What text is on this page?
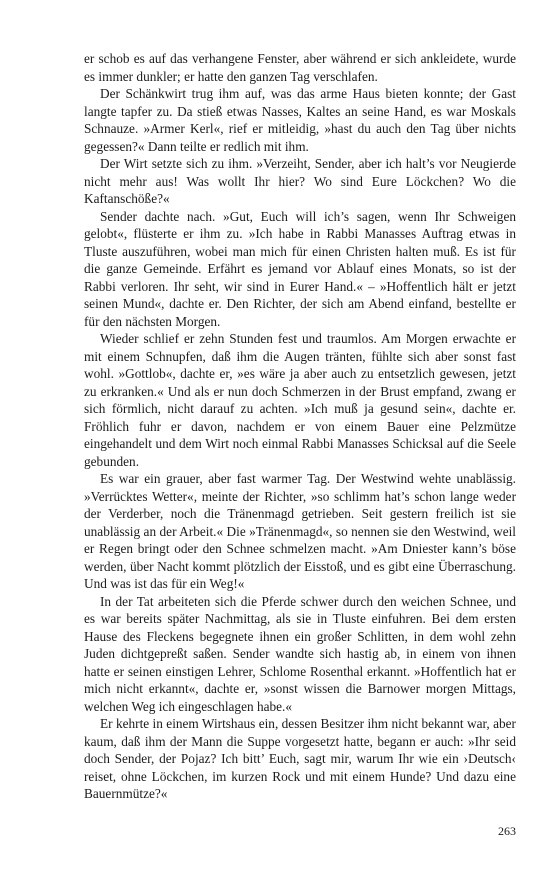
er schob es auf das verhangene Fenster, aber während er sich ankleidete, wurde es immer dunkler; er hatte den ganzen Tag verschlafen.

Der Schänkwirt trug ihm auf, was das arme Haus bieten konnte; der Gast langte tapfer zu. Da stieß etwas Nasses, Kaltes an seine Hand, es war Moskals Schnauze. »Armer Kerl«, rief er mitleidig, »hast du auch den Tag über nichts gegessen?« Dann teilte er redlich mit ihm.

Der Wirt setzte sich zu ihm. »Verzeiht, Sender, aber ich halt’s vor Neugierde nicht mehr aus! Was wollt Ihr hier? Wo sind Eure Löckchen? Wo die Kaftanschöße?«

Sender dachte nach. »Gut, Euch will ich’s sagen, wenn Ihr Schweigen gelobt«, flüsterte er ihm zu. »Ich habe in Rabbi Manasses Auftrag etwas in Tluste auszuführen, wobei man mich für einen Christen halten muß. Es ist für die ganze Gemeinde. Erfährt es jemand vor Ablauf eines Monats, so ist der Rabbi verloren. Ihr seht, wir sind in Eurer Hand.« – »Hoffentlich hält er jetzt seinen Mund«, dachte er. Den Richter, der sich am Abend einfand, bestellte er für den nächsten Morgen.

Wieder schlief er zehn Stunden fest und traumlos. Am Morgen erwachte er mit einem Schnupfen, daß ihm die Augen tränten, fühlte sich aber sonst fast wohl. »Gottlob«, dachte er, »es wäre ja aber auch zu entsetzlich gewesen, jetzt zu erkranken.« Und als er nun doch Schmerzen in der Brust empfand, zwang er sich förmlich, nicht darauf zu achten. »Ich muß ja gesund sein«, dachte er. Fröhlich fuhr er davon, nachdem er von einem Bauer eine Pelzmütze eingehandelt und dem Wirt noch einmal Rabbi Manasses Schicksal auf die Seele gebunden.

Es war ein grauer, aber fast warmer Tag. Der Westwind wehte unablässig. »Verrücktes Wetter«, meinte der Richter, »so schlimm hat’s schon lange weder der Verderber, noch die Tränenmagd getrieben. Seit gestern freilich ist sie unablässig an der Arbeit.« Die »Tränenmagd«, so nennen sie den Westwind, weil er Regen bringt oder den Schnee schmelzen macht. »Am Dniester kann’s böse werden, über Nacht kommt plötzlich der Eisstoß, und es gibt eine Überraschung. Und was ist das für ein Weg!«

In der Tat arbeiteten sich die Pferde schwer durch den weichen Schnee, und es war bereits später Nachmittag, als sie in Tluste einfuhren. Bei dem ersten Hause des Fleckens begegnete ihnen ein großer Schlitten, in dem wohl zehn Juden dichtgepreßt saßen. Sender wandte sich hastig ab, in einem von ihnen hatte er seinen einstigen Lehrer, Schlome Rosenthal erkannt. »Hoffentlich hat er mich nicht erkannt«, dachte er, »sonst wissen die Barnower morgen Mittags, welchen Weg ich eingeschlagen habe.«

Er kehrte in einem Wirtshaus ein, dessen Besitzer ihm nicht bekannt war, aber kaum, daß ihm der Mann die Suppe vorgesetzt hatte, begann er auch: »Ihr seid doch Sender, der Pojaz? Ich bitt’ Euch, sagt mir, warum Ihr wie ein ›Deutsch‹ reiset, ohne Löckchen, im kurzen Rock und mit einem Hunde? Und dazu eine Bauernmütze?«

263
